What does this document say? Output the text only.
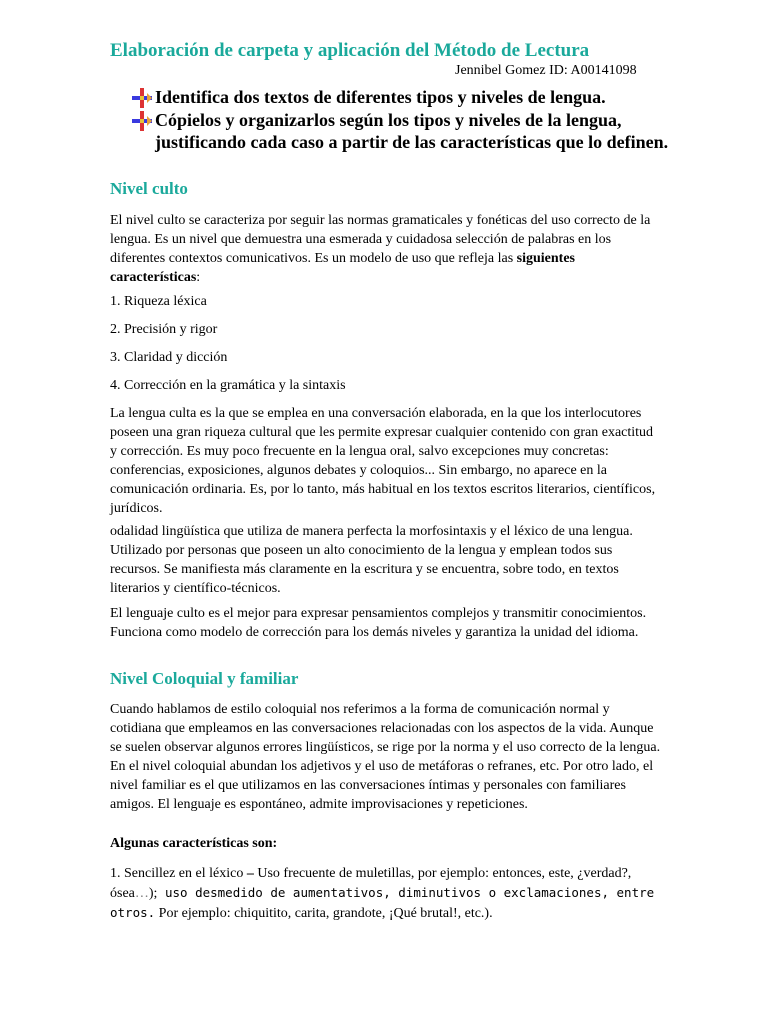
Elaboración de carpeta y aplicación del Método de Lectura
Jennibel Gomez ID: A00141098
Identifica dos textos de diferentes tipos y niveles de lengua.
Cópielos y organizarlos según los tipos y niveles de la lengua, justificando cada caso a partir de las características que lo definen.
Nivel culto
El nivel culto se caracteriza por seguir las normas gramaticales y fonéticas del uso correcto de la lengua. Es un nivel que demuestra una esmerada y cuidadosa selección de palabras en los diferentes contextos comunicativos. Es un modelo de uso que refleja las siguientes características:
1. Riqueza léxica
2. Precisión y rigor
3. Claridad y dicción
4. Corrección en la gramática y la sintaxis
La lengua culta es la que se emplea en una conversación elaborada, en la que los interlocutores poseen una gran riqueza cultural que les permite expresar cualquier contenido con gran exactitud y corrección. Es muy poco frecuente en la lengua oral, salvo excepciones muy concretas: conferencias, exposiciones, algunos debates y coloquios... Sin embargo, no aparece en la comunicación ordinaria. Es, por lo tanto, más habitual en los textos escritos literarios, científicos, jurídicos.
odalidad lingüística que utiliza de manera perfecta la morfosintaxis y el léxico de una lengua. Utilizado por personas que poseen un alto conocimiento de la lengua y emplean todos sus recursos. Se manifiesta más claramente en la escritura y se encuentra, sobre todo, en textos literarios y científico-técnicos.
El lenguaje culto es el mejor para expresar pensamientos complejos y transmitir conocimientos. Funciona como modelo de corrección para los demás niveles y garantiza la unidad del idioma.
Nivel Coloquial y familiar
Cuando hablamos de estilo coloquial nos referimos a la forma de comunicación normal y cotidiana que empleamos en las conversaciones relacionadas con los aspectos de la vida. Aunque se suelen observar algunos errores lingüísticos, se rige por la norma y el uso correcto de la lengua. En el nivel coloquial abundan los adjetivos y el uso de metáforas o refranes, etc. Por otro lado, el nivel familiar es el que utilizamos en las conversaciones íntimas y personales con familiares amigos. El lenguaje es espontáneo, admite improvisaciones y repeticiones.
Algunas características son:
1. Sencillez en el léxico – Uso frecuente de muletillas, por ejemplo: entonces, este, ¿verdad?, ósea…); uso desmedido de aumentativos, diminutivos o exclamaciones, entre otros. Por ejemplo: chiquitito, carita, grandote, ¡Qué brutal!, etc.).
